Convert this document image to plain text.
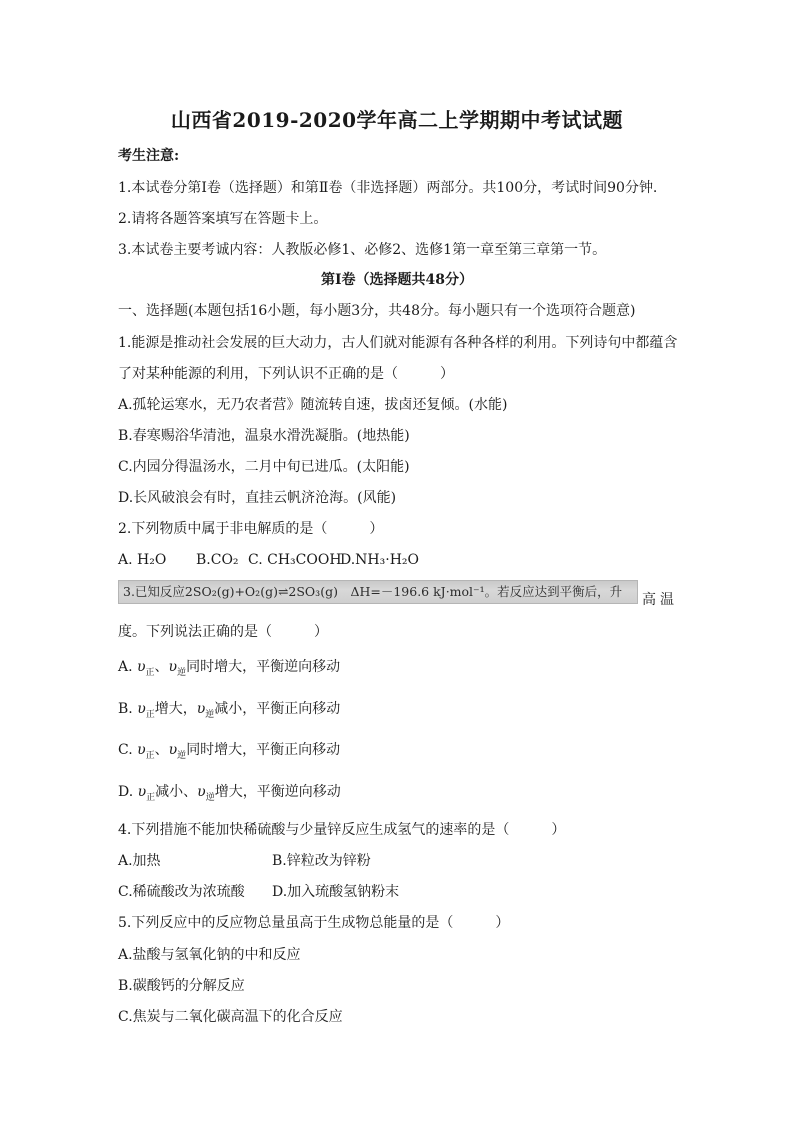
山西省2019-2020学年高二上学期期中考试试题
考生注意:
1.本试卷分第Ⅰ卷（选择题）和第Ⅱ卷（非选择题）两部分。共100分，考试时间90分钟.
2.请将各题答案填写在答题卡上。
3.本试卷主要考诚内容：人教版必修1、必修2、选修1第一章至第三章第一节。
第Ⅰ卷（选择题共48分）
一、选择题(本题包括16小题，每小题3分，共48分。每小题只有一个选项符合题意)
1.能源是推动社会发展的巨大动力，古人们就对能源有各种各样的利用。下列诗句中都蕴含
了对某种能源的利用，下列认识不正确的是（　　　）
A.孤轮运寒水，无乃农者营》随流转自速，拔卤还复倾。(水能)
B.春寒赐浴华清池，温泉水滑洗凝脂。(地热能)
C.内园分得温汤水，二月中旬已进瓜。(太阳能)
D.长风破浪会有时，直挂云帆济沧海。(风能)
2.下列物质中属于非电解质的是（　　　）
A. H₂O B.CO₂ C. CH₃COOH
D.NH₃·H₂O
3.已知反应2SO₂(g)+O₂(g)⇌2SO₃(g)　ΔH=－196.6 kJ·mol⁻¹。若反应达到平衡后，升
高温
度。下列说法正确的是（　　　）
A. $\upsilon_正$、$\upsilon_逆$同时增大，平衡逆向移动
B. $\upsilon_正$增大，$\upsilon_逆$减小，平衡正向移动
C. $\upsilon_正$、$\upsilon_逆$同时增大，平衡正向移动
D. $\upsilon_正$减小、$\upsilon_逆$增大，平衡逆向移动
4.下列措施不能加快稀硫酸与少量锌反应生成氢气的速率的是（　　　）
A.加热	B.锌粒改为锌粉
C.稀硫酸改为浓琉酸 D.加入琉酸氢钠粉末
5.下列反应中的反应物总量虽高于生成物总能量的是（　　　）
A.盐酸与氢氧化钠的中和反应
B.碳酸钙的分解反应
C.焦炭与二氧化碳高温下的化合反应
